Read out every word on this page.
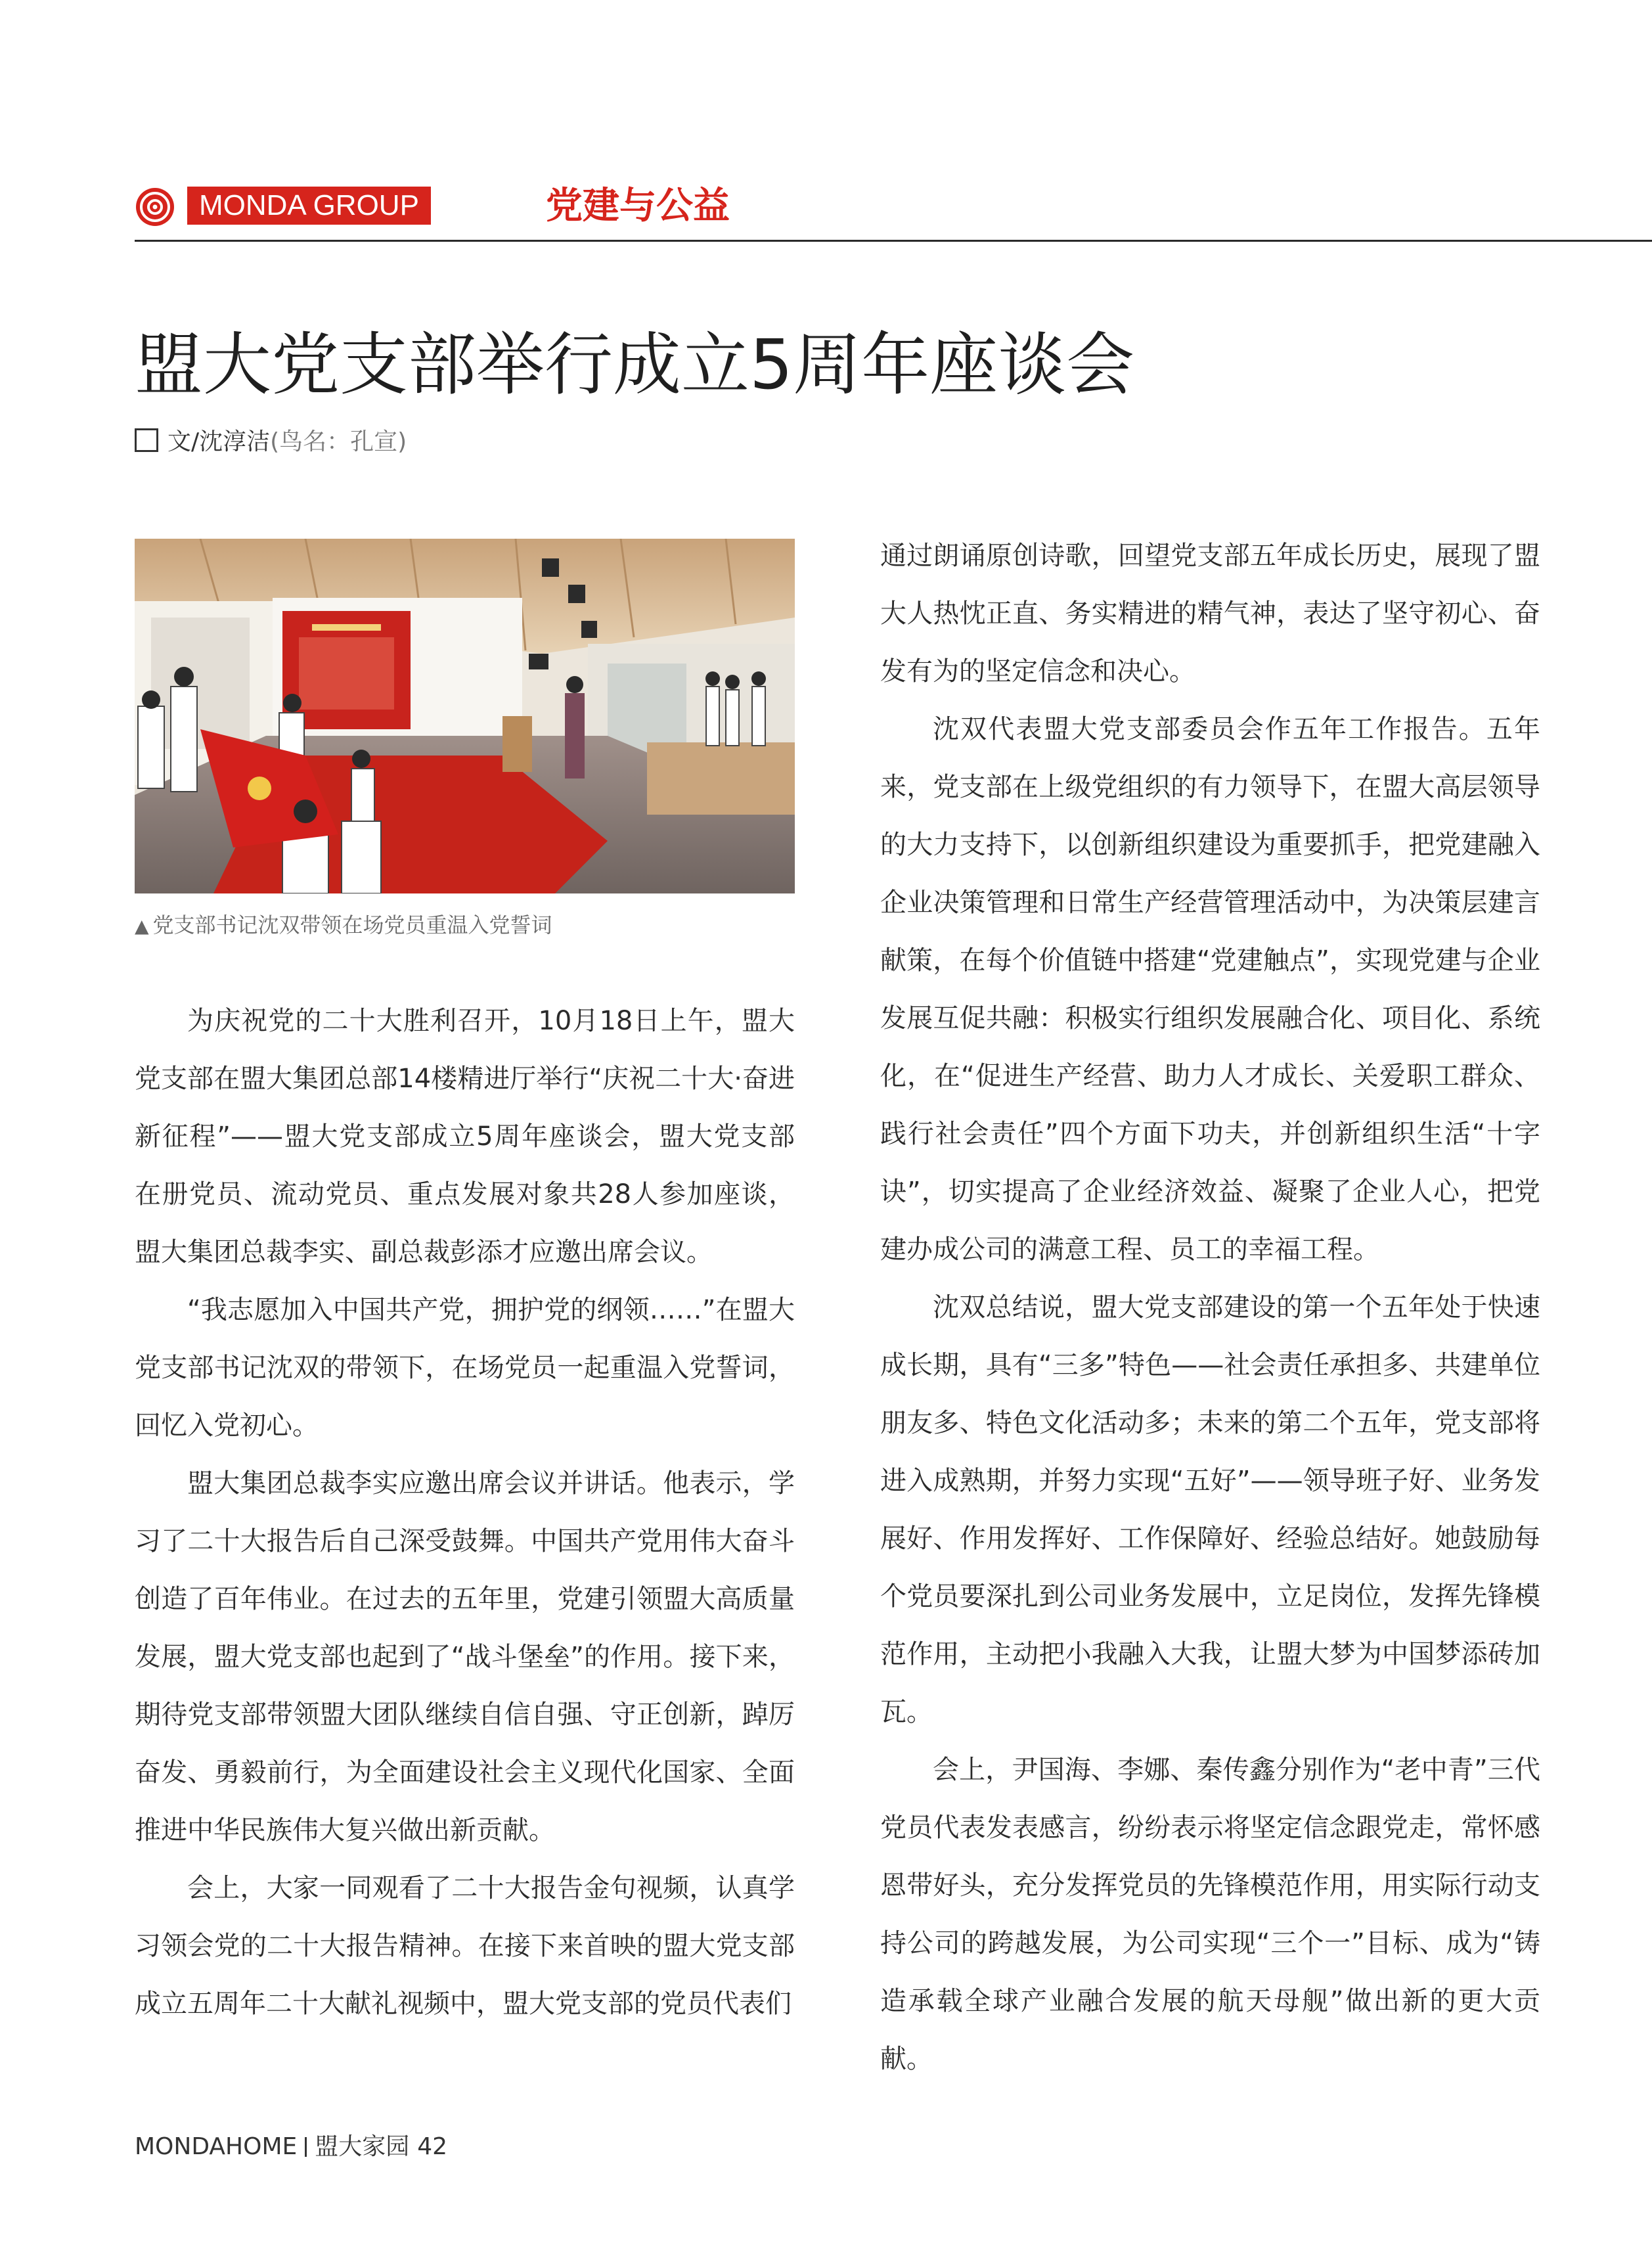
MONDA GROUP	党建与公益
盟大党支部举行成立5周年座谈会
文/沈淳洁(鸟名：孔宣)
▲ 党支部书记沈双带领在场党员重温入党誓词

为庆祝党的二十大胜利召开，10月18日上午，盟大党支部在盟大集团总部14楼精进厅举行“庆祝二十大·奋进新征程”——盟大党支部成立5周年座谈会，盟大党支部在册党员、流动党员、重点发展对象共28人参加座谈，盟大集团总裁李实、副总裁彭添才应邀出席会议。

“我志愿加入中国共产党，拥护党的纲领……”在盟大党支部书记沈双的带领下，在场党员一起重温入党誓词，回忆入党初心。

盟大集团总裁李实应邀出席会议并讲话。他表示，学习了二十大报告后自己深受鼓舞。中国共产党用伟大奋斗创造了百年伟业。在过去的五年里，党建引领盟大高质量发展，盟大党支部也起到了“战斗堡垒”的作用。接下来，期待党支部带领盟大团队继续自信自强、守正创新，踔厉奋发、勇毅前行，为全面建设社会主义现代化国家、全面推进中华民族伟大复兴做出新贡献。

会上，大家一同观看了二十大报告金句视频，认真学习领会党的二十大报告精神。在接下来首映的盟大党支部成立五周年二十大献礼视频中，盟大党支部的党员代表们

通过朗诵原创诗歌，回望党支部五年成长历史，展现了盟大人热忱正直、务实精进的精气神，表达了坚守初心、奋发有为的坚定信念和决心。

沈双代表盟大党支部委员会作五年工作报告。五年来，党支部在上级党组织的有力领导下，在盟大高层领导的大力支持下，以创新组织建设为重要抓手，把党建融入企业决策管理和日常生产经营管理活动中，为决策层建言献策，在每个价值链中搭建“党建触点”，实现党建与企业发展互促共融：积极实行组织发展融合化、项目化、系统化，在“促进生产经营、助力人才成长、关爱职工群众、践行社会责任”四个方面下功夫，并创新组织生活“十字诀”，切实提高了企业经济效益、凝聚了企业人心，把党建办成公司的满意工程、员工的幸福工程。

沈双总结说，盟大党支部建设的第一个五年处于快速成长期，具有“三多”特色——社会责任承担多、共建单位朋友多、特色文化活动多；未来的第二个五年，党支部将进入成熟期，并努力实现“五好”——领导班子好、业务发展好、作用发挥好、工作保障好、经验总结好。她鼓励每个党员要深扎到公司业务发展中，立足岗位，发挥先锋模范作用，主动把小我融入大我，让盟大梦为中国梦添砖加瓦。

会上，尹国海、李娜、秦传鑫分别作为“老中青”三代党员代表发表感言，纷纷表示将坚定信念跟党走，常怀感恩带好头，充分发挥党员的先锋模范作用，用实际行动支持公司的跨越发展，为公司实现“三个一”目标、成为“铸造承载全球产业融合发展的航天母舰”做出新的更大贡献。

MONDAHOME 盟大家园 42
